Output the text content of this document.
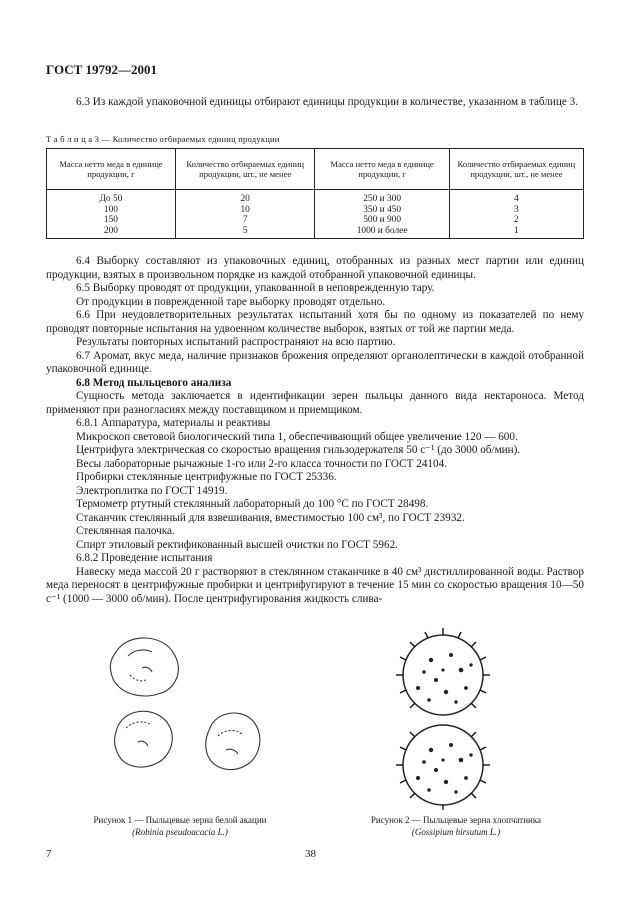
ГОСТ 19792—2001

6.3 Из каждой упаковочной единицы отбирают единицы продукции в количестве, указанном в таблице 3.

Т а б л и ц а 3 — Количество отбираемых единиц продукции
Масса нетто меда в единице продукции, г	Количество отбираемых единиц продукции, шт., не менее	Масса нетто меда в единице продукции, г	Количество отбираемых единиц продукции, шт., не менее
До 50	20	250 и 300	4
100	10	350 и 450	3
150	7	500 и 900	2
200	5	1000 и более	1

6.4 Выборку составляют из упаковочных единиц, отобранных из разных мест партии или единиц продукции, взятых в произвольном порядке из каждой отобранной упаковочной единицы.

6.5 Выборку проводят от продукции, упакованной в неповрежденную тару.

От продукции в поврежденной таре выборку проводят отдельно.

6.6 При неудовлетворительных результатах испытаний хотя бы по одному из показателей по нему проводят повторные испытания на удвоенном количестве выборок, взятых от той же партии меда.

Результаты повторных испытаний распространяют на всю партию.

6.7 Аромат, вкус меда, наличие признаков брожения определяют органолептически в каждой отобранной упаковочной единице.

6.8 Метод пыльцевого анализа

Сущность метода заключается в идентификации зерен пыльцы данного вида нектароноса. Метод применяют при разногласиях между поставщиком и приемщиком.

6.8.1 Аппаратура, материалы и реактивы

Микроскоп световой биологический типа 1, обеспечивающий общее увеличение 120 — 600.

Центрифуга электрическая со скоростью вращения гильзодержателя 50 с⁻¹ (до 3000 об/мин).

Весы лабораторные рычажные 1-го или 2-го класса точности по ГОСТ 24104.

Пробирки стеклянные центрифужные по ГОСТ 25336.

Электроплитка по ГОСТ 14919.

Термометр ртутный стеклянный лабораторный до 100 °С по ГОСТ 28498.

Стаканчик стеклянный для взвешивания, вместимостью 100 см³, по ГОСТ 23932.

Стеклянная палочка.

Спирт этиловый ректификованный высшей очистки по ГОСТ 5962.

6.8.2 Проведение испытания

Навеску меда массой 20 г растворяют в стеклянном стаканчике в 40 см³ дистиллированной воды. Раствор меда переносят в центрифужные пробирки и центрифугируют в течение 15 мин со скоростью вращения 10—50 с⁻¹ (1000 — 3000 об/мин). После центрифугирования жидкость слива-

Рисунок 1 — Пыльцевые зерна белой акации
(Robinia pseudoacacia L.)
Рисунок 2 — Пыльцевые зерна хлопчатника
(Gossipium hirsutum L.)
7	38
